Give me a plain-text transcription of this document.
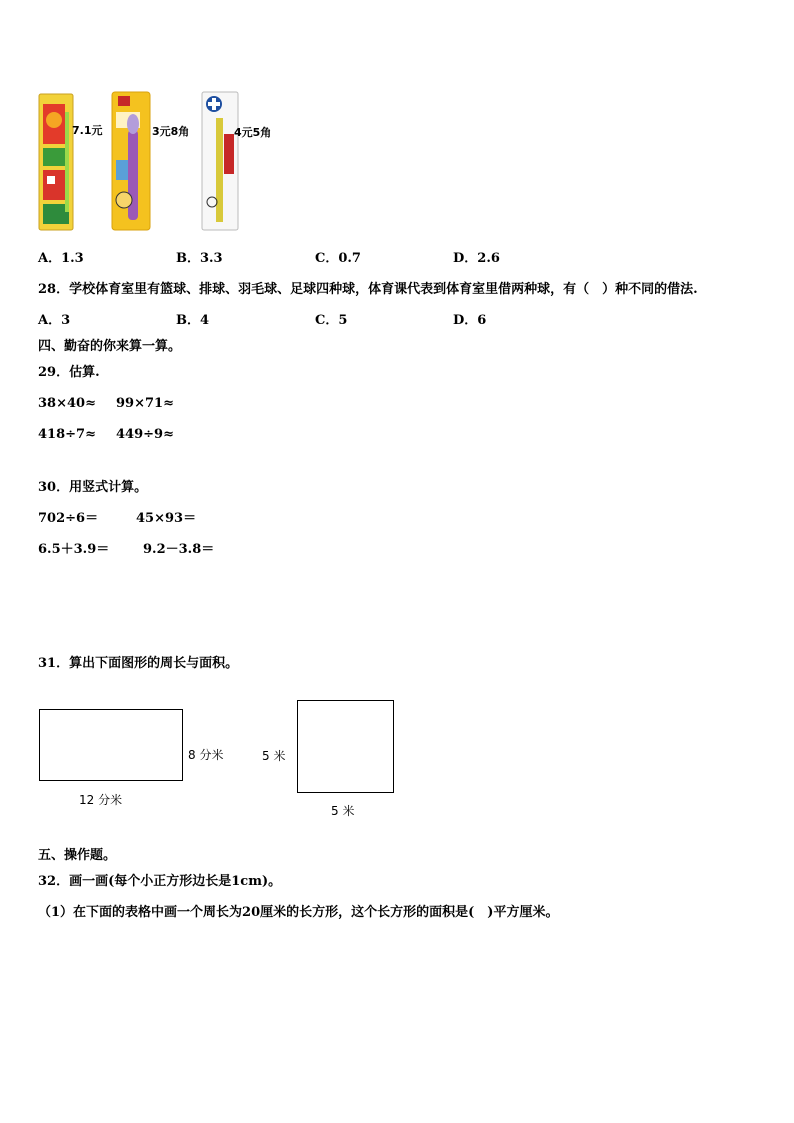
7.1元	3元8角	4元5角
A．1.3	B．3.3	C．0.7	D．2.6
28．学校体育室里有篮球、排球、羽毛球、足球四种球，体育课代表到体育室里借两种球，有（　）种不同的借法.
A．3	B．4	C．5	D．6
四、勤奋的你来算一算。
29．估算.
38×40≈ 99×71≈
418÷7≈ 449÷9≈
30．用竖式计算。
702÷6＝	45×93＝
6.5＋3.9＝	9.2－3.8＝
31．算出下面图形的周长与面积。
8 分米
12 分米
5 米
5 米
五、操作题。
32．画一画(每个小正方形边长是1cm)。
（1）在下面的表格中画一个周长为20厘米的长方形，这个长方形的面积是(　)平方厘米。
